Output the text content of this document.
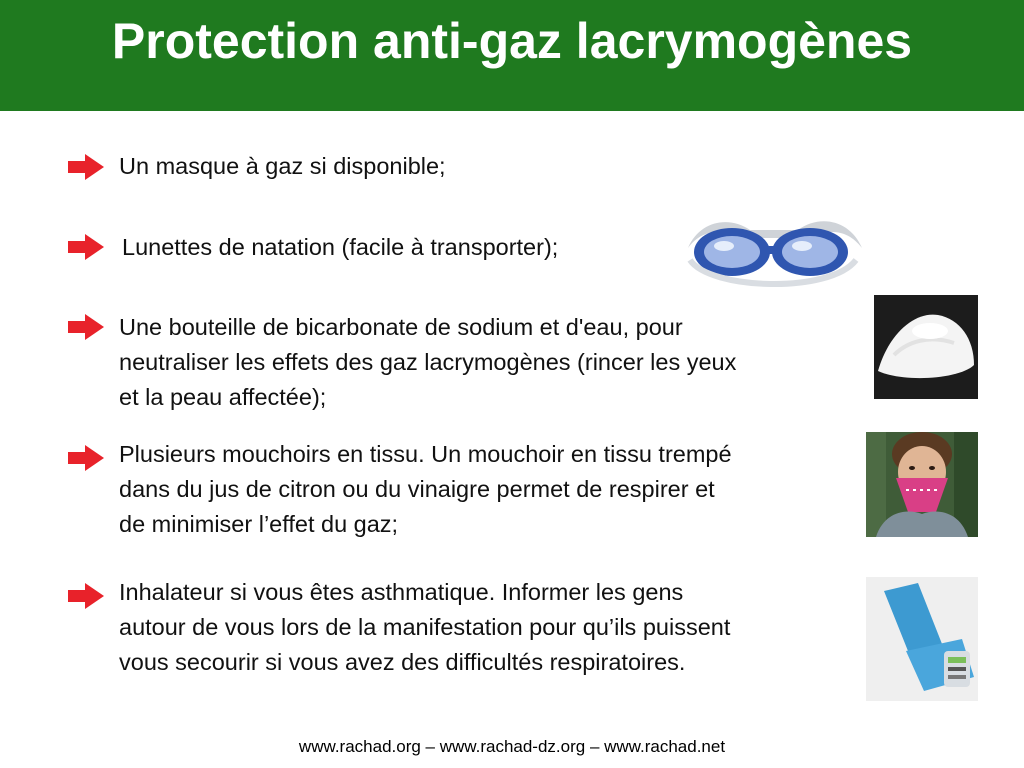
Protection anti-gaz lacrymogènes

Un masque à gaz si disponible;

Lunettes de natation (facile à transporter);

Une bouteille de bicarbonate de sodium et d'eau, pour
neutraliser les effets des gaz lacrymogènes (rincer les yeux
et la peau affectée);

Plusieurs mouchoirs en tissu. Un mouchoir en tissu trempé
dans du jus de citron ou du vinaigre permet de respirer et
de minimiser l’effet du gaz;

Inhalateur si vous êtes asthmatique. Informer les gens
autour de vous lors de la manifestation pour qu’ils puissent
vous secourir si vous avez des difficultés respiratoires.

www.rachad.org – www.rachad-dz.org – www.rachad.net
